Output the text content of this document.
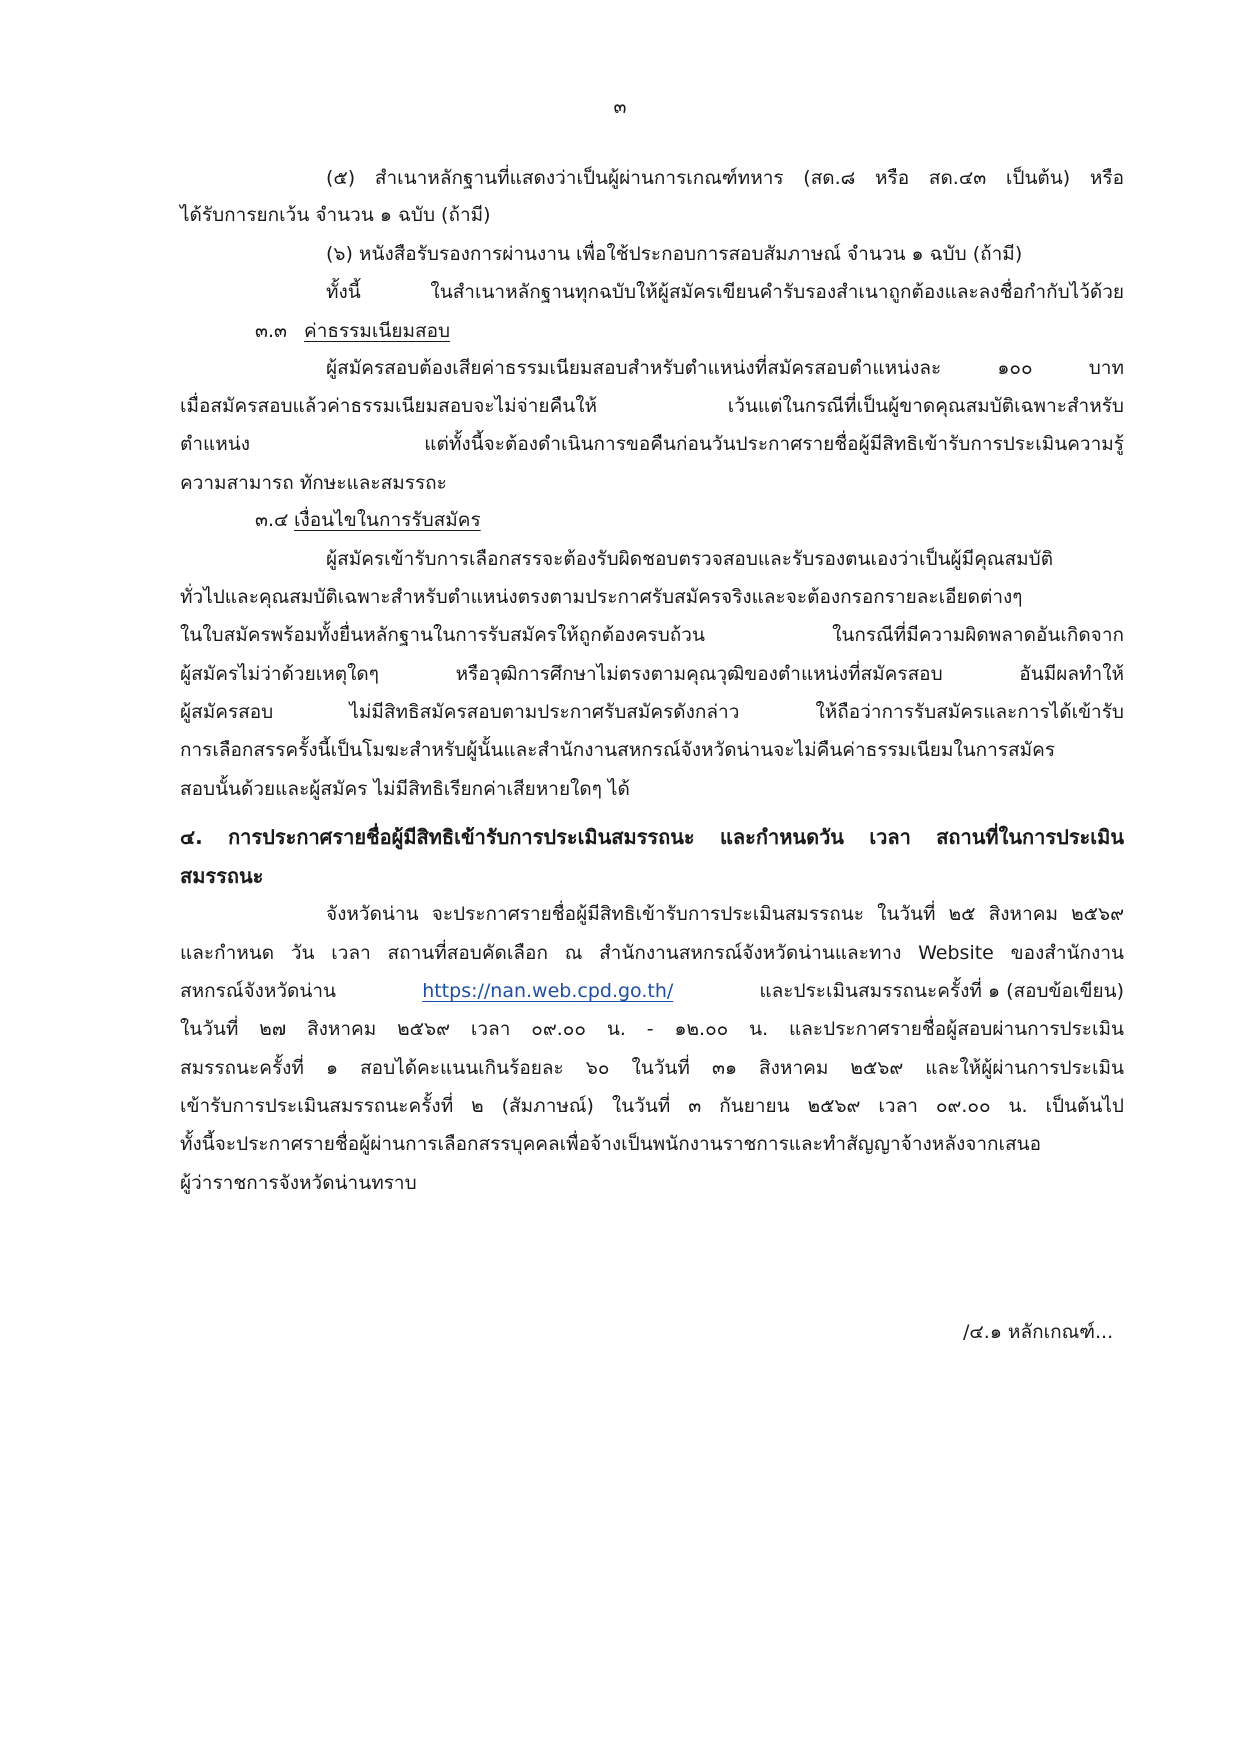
๓
(๕) สำเนาหลักฐานที่แสดงว่าเป็นผู้ผ่านการเกณฑ์ทหาร (สด.๘ หรือ สด.๔๓ เป็นต้น) หรือ
ได้รับการยกเว้น จำนวน ๑ ฉบับ (ถ้ามี)
(๖) หนังสือรับรองการผ่านงาน เพื่อใช้ประกอบการสอบสัมภาษณ์ จำนวน ๑ ฉบับ (ถ้ามี)
ทั้งนี้ ในสำเนาหลักฐานทุกฉบับให้ผู้สมัครเขียนคำรับรองสำเนาถูกต้องและลงชื่อกำกับไว้ด้วย
๓.๓ ค่าธรรมเนียมสอบ
ผู้สมัครสอบต้องเสียค่าธรรมเนียมสอบสำหรับตำแหน่งที่สมัครสอบตำแหน่งละ ๑๐๐ บาท
เมื่อสมัครสอบแล้วค่าธรรมเนียมสอบจะไม่จ่ายคืนให้ เว้นแต่ในกรณีที่เป็นผู้ขาดคุณสมบัติเฉพาะสำหรับ
ตำแหน่ง แต่ทั้งนี้จะต้องดำเนินการขอคืนก่อนวันประกาศรายชื่อผู้มีสิทธิเข้ารับการประเมินความรู้
ความสามารถ ทักษะและสมรรถะ
๓.๔ เงื่อนไขในการรับสมัคร
ผู้สมัครเข้ารับการเลือกสรรจะต้องรับผิดชอบตรวจสอบและรับรองตนเองว่าเป็นผู้มีคุณสมบัติ
ทั่วไปและคุณสมบัติเฉพาะสำหรับตำแหน่งตรงตามประกาศรับสมัครจริงและจะต้องกรอกรายละเอียดต่างๆ
ในใบสมัครพร้อมทั้งยื่นหลักฐานในการรับสมัครให้ถูกต้องครบถ้วน ในกรณีที่มีความผิดพลาดอันเกิดจาก
ผู้สมัครไม่ว่าด้วยเหตุใดๆ หรือวุฒิการศึกษาไม่ตรงตามคุณวุฒิของตำแหน่งที่สมัครสอบ อันมีผลทำให้
ผู้สมัครสอบ ไม่มีสิทธิสมัครสอบตามประกาศรับสมัครดังกล่าว ให้ถือว่าการรับสมัครและการได้เข้ารับ
การเลือกสรรครั้งนี้เป็นโมฆะสำหรับผู้นั้นและสำนักงานสหกรณ์จังหวัดน่านจะไม่คืนค่าธรรมเนียมในการสมัคร
สอบนั้นด้วยและผู้สมัคร ไม่มีสิทธิเรียกค่าเสียหายใดๆ ได้
๔. การประกาศรายชื่อผู้มีสิทธิเข้ารับการประเมินสมรรถนะ และกำหนดวัน เวลา สถานที่ในการประเมิน
สมรรถนะ
จังหวัดน่าน จะประกาศรายชื่อผู้มีสิทธิเข้ารับการประเมินสมรรถนะ ในวันที่ ๒๕ สิงหาคม ๒๕๖๙
และกำหนด วัน เวลา สถานที่สอบคัดเลือก ณ สำนักงานสหกรณ์จังหวัดน่านและทาง Website ของสำนักงาน
สหกรณ์จังหวัดน่าน	https://nan.web.cpd.go.th/	และประเมินสมรรถนะครั้งที่ ๑ (สอบข้อเขียน)
ในวันที่ ๒๗ สิงหาคม ๒๕๖๙ เวลา ๐๙.๐๐ น. - ๑๒.๐๐ น. และประกาศรายชื่อผู้สอบผ่านการประเมิน
สมรรถนะครั้งที่ ๑ สอบได้คะแนนเกินร้อยละ ๖๐ ในวันที่ ๓๑ สิงหาคม ๒๕๖๙ และให้ผู้ผ่านการประเมิน
เข้ารับการประเมินสมรรถนะครั้งที่ ๒ (สัมภาษณ์) ในวันที่ ๓ กันยายน ๒๕๖๙ เวลา ๐๙.๐๐ น. เป็นต้นไป
ทั้งนี้จะประกาศรายชื่อผู้ผ่านการเลือกสรรบุคคลเพื่อจ้างเป็นพนักงานราชการและทำสัญญาจ้างหลังจากเสนอ
ผู้ว่าราชการจังหวัดน่านทราบ
/๔.๑ หลักเกณฑ์...
